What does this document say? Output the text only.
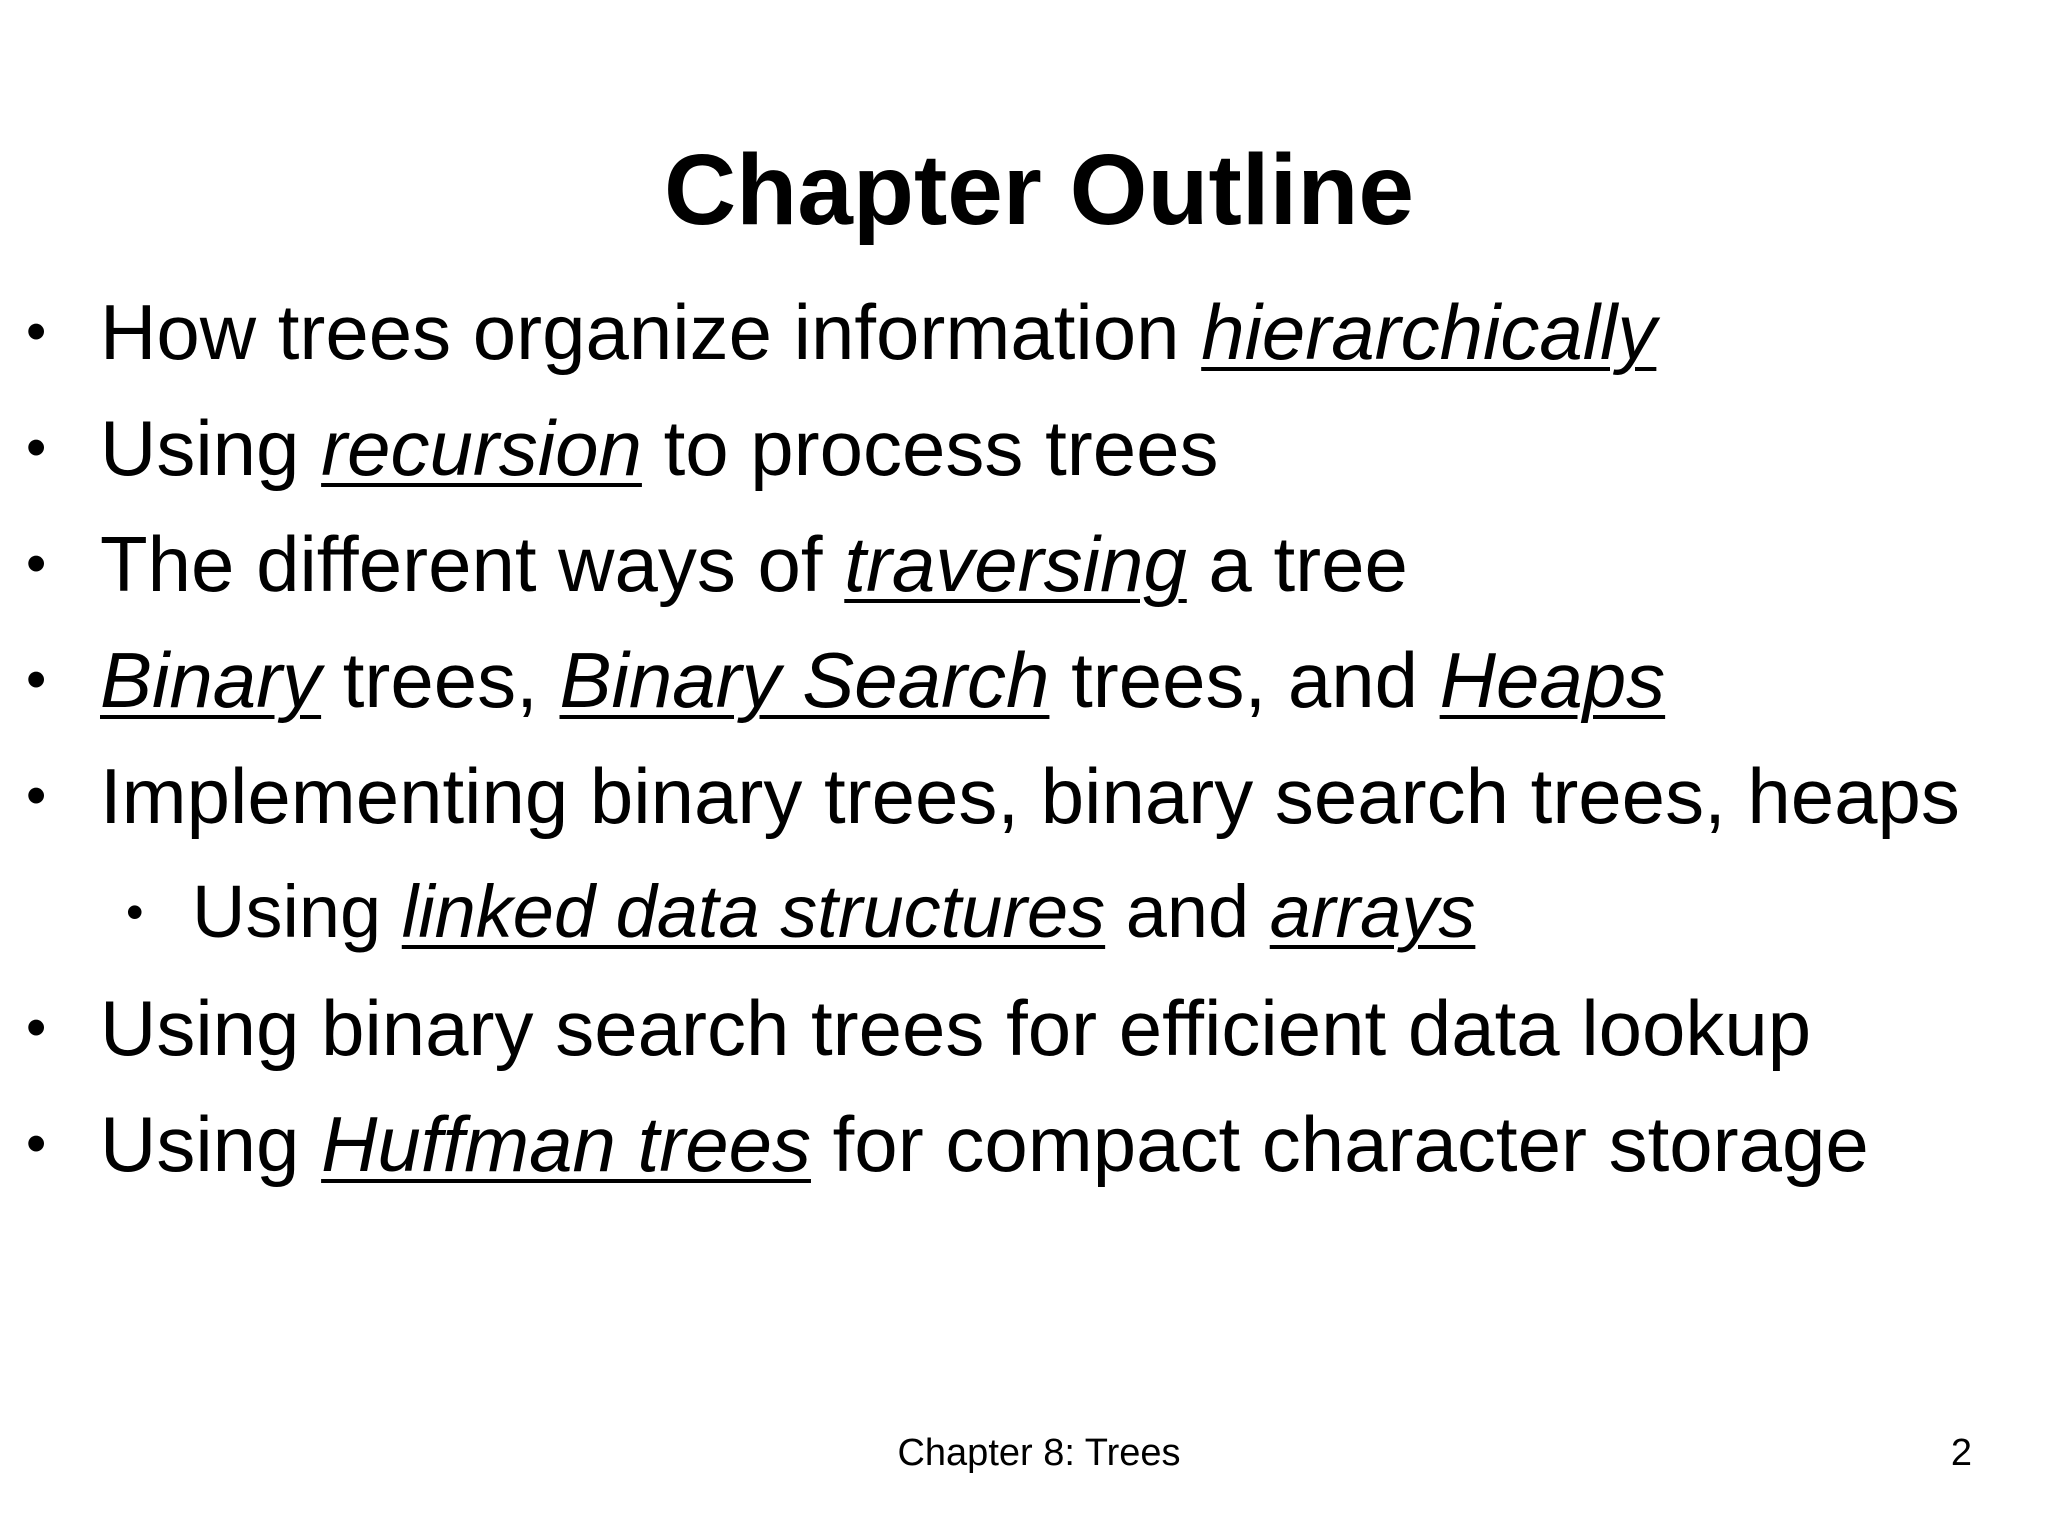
Chapter Outline
• How trees organize information hierarchically
• Using recursion to process trees
• The different ways of traversing a tree
• Binary trees, Binary Search trees, and Heaps
• Implementing binary trees, binary search trees, heaps
• Using linked data structures and arrays
• Using binary search trees for efficient data lookup
• Using Huffman trees for compact character storage
Chapter 8: Trees	2
